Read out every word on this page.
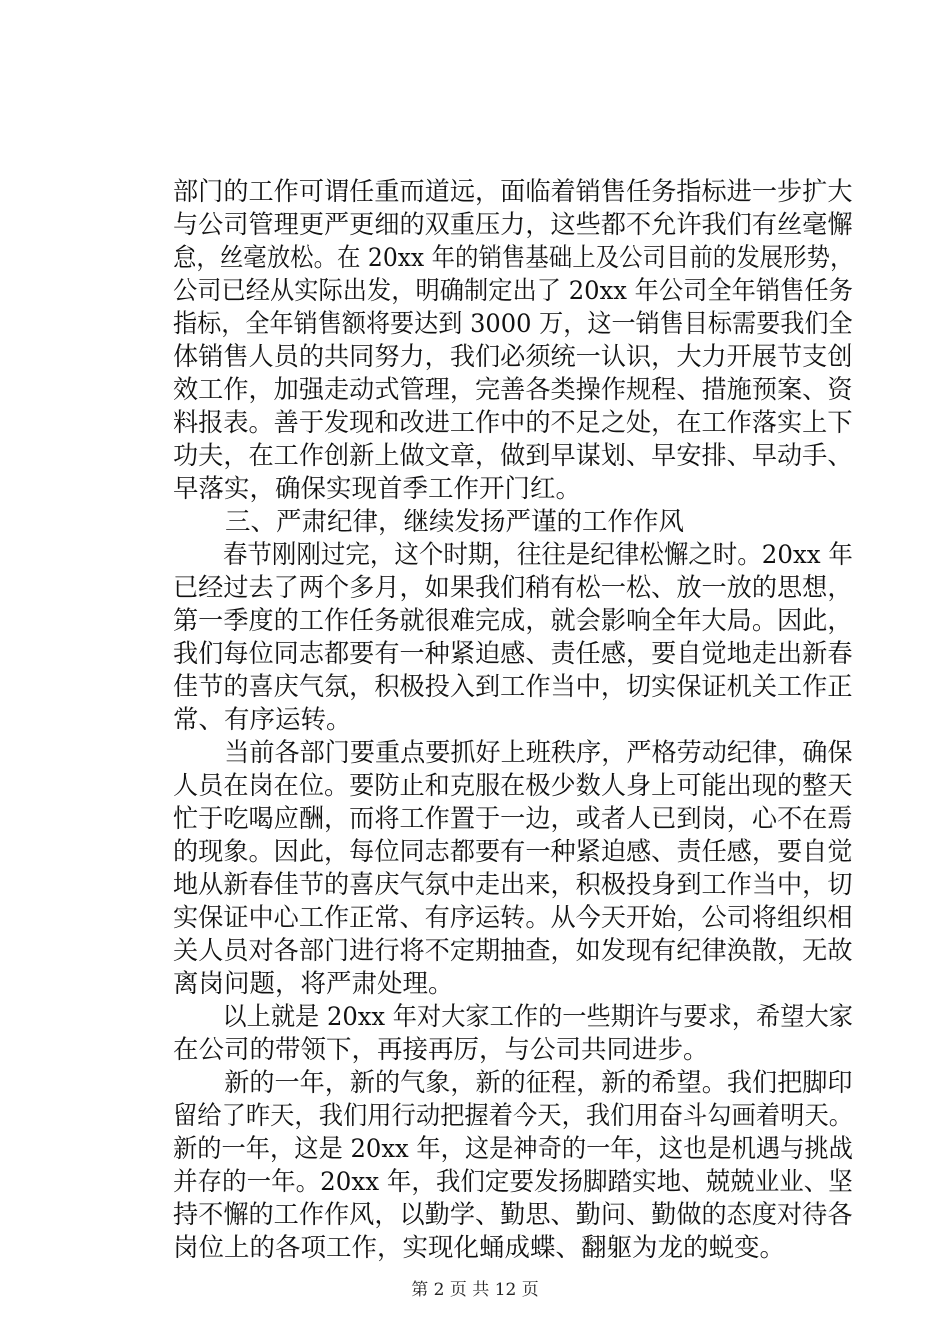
部门的工作可谓任重而道远，面临着销售任务指标进一步扩大
与公司管理更严更细的双重压力，这些都不允许我们有丝毫懈
怠，丝毫放松。在 20xx 年的销售基础上及公司目前的发展形势，
公司已经从实际出发，明确制定出了 20xx 年公司全年销售任务
指标，全年销售额将要达到 3000 万，这一销售目标需要我们全
体销售人员的共同努力，我们必须统一认识，大力开展节支创
效工作，加强走动式管理，完善各类操作规程、措施预案、资
料报表。善于发现和改进工作中的不足之处，在工作落实上下
功夫，在工作创新上做文章，做到早谋划、早安排、早动手、
早落实，确保实现首季工作开门红。
三、严肃纪律，继续发扬严谨的工作作风
春节刚刚过完，这个时期，往往是纪律松懈之时。20xx 年
已经过去了两个多月，如果我们稍有松一松、放一放的思想，
第一季度的工作任务就很难完成，就会影响全年大局。因此，
我们每位同志都要有一种紧迫感、责任感，要自觉地走出新春
佳节的喜庆气氛，积极投入到工作当中，切实保证机关工作正
常、有序运转。
当前各部门要重点要抓好上班秩序，严格劳动纪律，确保
人员在岗在位。要防止和克服在极少数人身上可能出现的整天
忙于吃喝应酬，而将工作置于一边，或者人已到岗，心不在焉
的现象。因此，每位同志都要有一种紧迫感、责任感，要自觉
地从新春佳节的喜庆气氛中走出来，积极投身到工作当中，切
实保证中心工作正常、有序运转。从今天开始，公司将组织相
关人员对各部门进行将不定期抽查，如发现有纪律涣散，无故
离岗问题，将严肃处理。
以上就是 20xx 年对大家工作的一些期许与要求，希望大家
在公司的带领下，再接再厉，与公司共同进步。
新的一年，新的气象，新的征程，新的希望。我们把脚印
留给了昨天，我们用行动把握着今天，我们用奋斗勾画着明天。
新的一年，这是 20xx 年，这是神奇的一年，这也是机遇与挑战
并存的一年。20xx 年，我们定要发扬脚踏实地、兢兢业业、坚
持不懈的工作作风，以勤学、勤思、勤问、勤做的态度对待各
岗位上的各项工作，实现化蛹成蝶、翻躯为龙的蜕变。
第 2 页 共 12 页
